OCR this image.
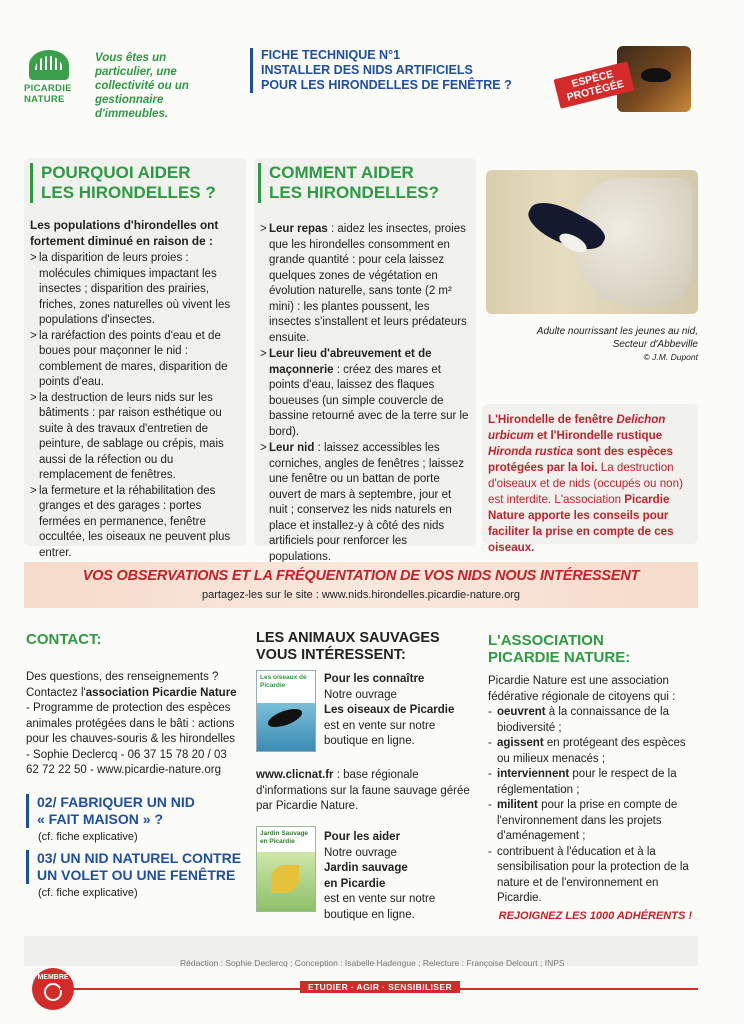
PICARDIE
NATURE
Vous êtes un particulier, une collectivité ou un gestionnaire d'immeubles.
FICHE TECHNIQUE N°1
INSTALLER DES NIDS ARTIFICIELS
POUR LES HIRONDELLES DE FENÊTRE ?	ESPÈCE PROTÉGÉE
POURQUOI AIDER
LES HIRONDELLES ?
Les populations d'hirondelles ont fortement diminué en raison de :
> la disparition de leurs proies : molécules chimiques impactant les insectes ; disparition des prairies, friches, zones naturelles où vivent les populations d'insectes.
> la raréfaction des points d'eau et de boues pour maçonner le nid : comblement de mares, disparition de points d'eau.
> la destruction de leurs nids sur les bâtiments : par raison esthétique ou suite à des travaux d'entretien de peinture, de sablage ou crépis, mais aussi de la réfection ou du remplacement de fenêtres.
> la fermeture et la réhabilitation des granges et des garages : portes fermées en permanence, fenêtre occultée, les oiseaux ne peuvent plus entrer.
COMMENT AIDER
LES HIRONDELLES?
> Leur repas : aidez les insectes, proies que les hirondelles consomment en grande quantité : pour cela laissez quelques zones de végétation en évolution naturelle, sans tonte (2 m² mini) : les plantes poussent, les insectes s'installent et leurs prédateurs ensuite.
> Leur lieu d'abreuvement et de maçonnerie : créez des mares et points d'eau, laissez des flaques boueuses (un simple couvercle de bassine retourné avec de la terre sur le bord).
> Leur nid : laissez accessibles les corniches, angles de fenêtres ; laissez une fenêtre ou un battan de porte ouvert de mars à septembre, jour et nuit ; conservez les nids naturels en place et installez-y à côté des nids artificiels pour renforcer les populations.
Adulte nourrissant les jeunes au nid,
Secteur d'Abbeville
© J.M. Dupont
L'Hirondelle de fenêtre Delichon urbicum et l'Hirondelle rustique Hironda rustica sont des espèces protégées par la loi. La destruction d'oiseaux et de nids (occupés ou non) est interdite. L'association Picardie Nature apporte les conseils pour faciliter la prise en compte de ces oiseaux.
VOS OBSERVATIONS ET LA FRÉQUENTATION DE VOS NIDS NOUS INTÉRESSENT
partagez-les sur le site : www.nids.hirondelles.picardie-nature.org
CONTACT:
Des questions, des renseignements ? Contactez l'association Picardie Nature - Programme de protection des espèces animales protégées dans le bâti : actions pour les chauves-souris & les hirondelles - Sophie Declercq - 06 37 15 78 20 / 03 62 72 22 50 - www.picardie-nature.org
02/ FABRIQUER UN NID
« FAIT MAISON » ?
(cf. fiche explicative)
03/ UN NID NATUREL CONTRE
UN VOLET OU UNE FENÊTRE
(cf. fiche explicative)
LES ANIMAUX SAUVAGES
VOUS INTÉRESSENT:
Les oiseaux de Picardie
Pour les connaître
Notre ouvrage
Les oiseaux de Picardie
est en vente sur notre boutique en ligne.
www.clicnat.fr : base régionale d'informations sur la faune sauvage gérée par Picardie Nature.
Jardin Sauvage en Picardie	Pour les aider
Notre ouvrage
Jardin sauvage en Picardie
est en vente sur notre boutique en ligne.
L'ASSOCIATION
PICARDIE NATURE:
Picardie Nature est une association fédérative régionale de citoyens qui :
- oeuvrent à la connaissance de la biodiversité ;
- agissent en protégeant des espèces ou milieux menacés ;
- interviennent pour le respect de la réglementation ;
- militent pour la prise en compte de l'environnement dans les projets d'aménagement ;
- contribuent à l'éducation et à la sensibilisation pour la protection de la nature et de l'environnement en Picardie.
REJOIGNEZ LES 1000 ADHÉRENTS !
Rédaction : Sophie Declercq ; Conception : Isabelle Hadengue ; Relecture : Françoise Delcourt ; INPS
MEMBRE
ETUDIER · AGIR · SENSIBILISER
